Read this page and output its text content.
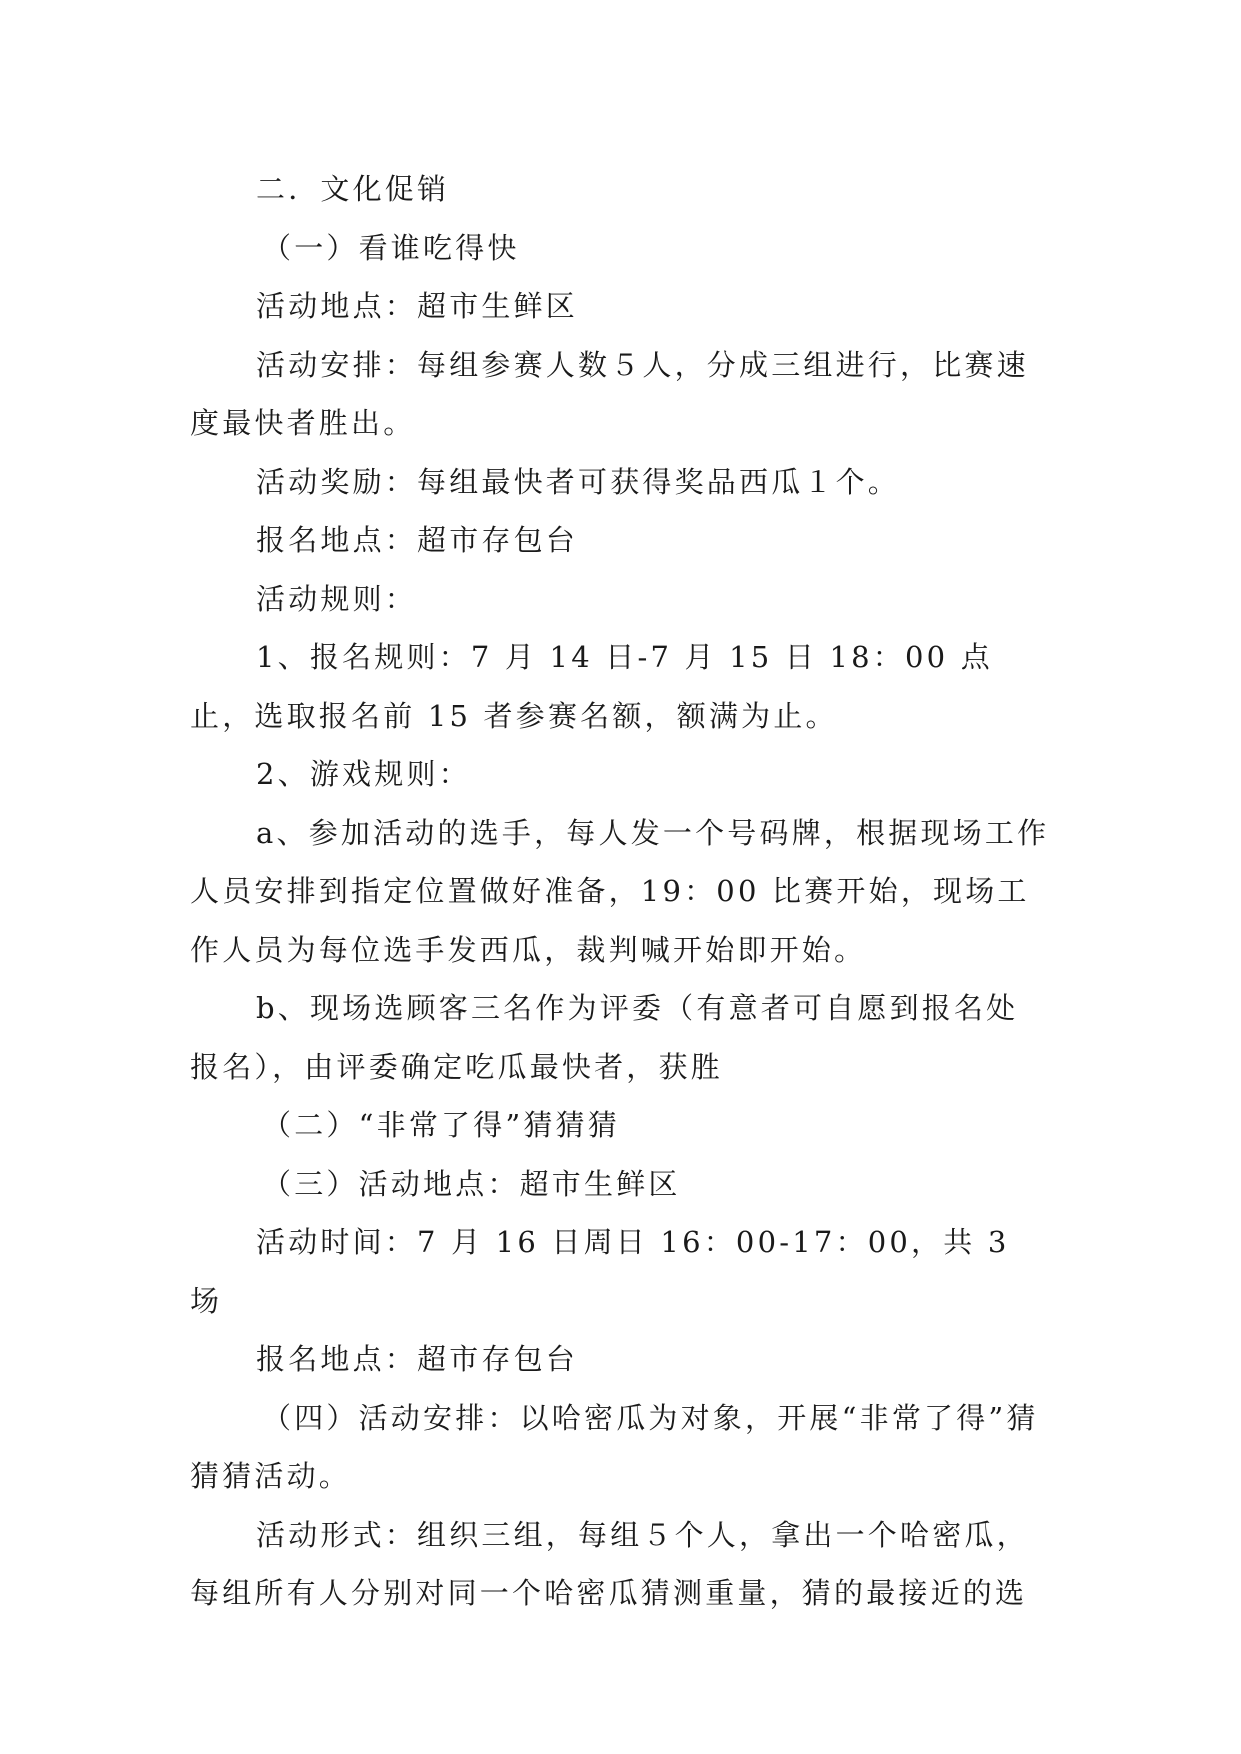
二．文化促销

（一）看谁吃得快

活动地点：超市生鲜区

活动安排：每组参赛人数５人，分成三组进行，比赛速度最快者胜出。

活动奖励：每组最快者可获得奖品西瓜１个。

报名地点：超市存包台

活动规则：

1、报名规则：7 月 14 日-7 月 15 日 18：00 点止，选取报名前 15 者参赛名额，额满为止。

2、游戏规则：

a、参加活动的选手，每人发一个号码牌，根据现场工作人员安排到指定位置做好准备，19：00 比赛开始，现场工作人员为每位选手发西瓜，裁判喊开始即开始。

b、现场选顾客三名作为评委（有意者可自愿到报名处报名），由评委确定吃瓜最快者，获胜

（二）“非常了得”猜猜猜

（三）活动地点：超市生鲜区

活动时间：7 月 16 日周日 16：00-17：00，共 3 场

报名地点：超市存包台

（四）活动安排：以哈密瓜为对象，开展“非常了得”猜猜猜活动。

活动形式：组织三组，每组５个人，拿出一个哈密瓜，每组所有人分别对同一个哈密瓜猜测重量，猜的最接近的选
